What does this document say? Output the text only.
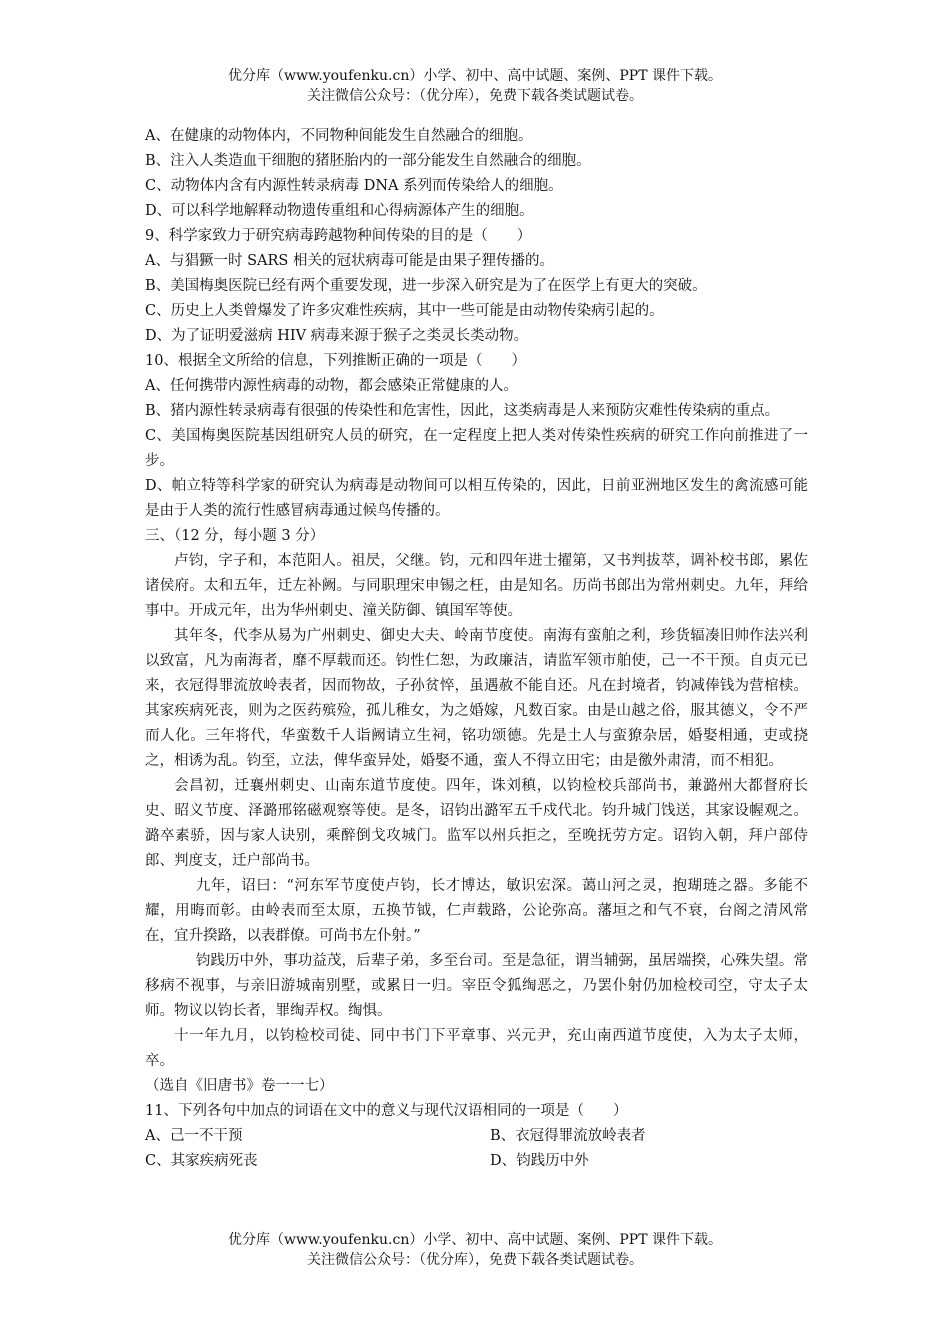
优分库（www.youfenku.cn）小学、初中、高中试题、案例、PPT 课件下载。
关注微信公众号：（优分库），免费下载各类试题试卷。
A、在健康的动物体内，不同物种间能发生自然融合的细胞。
B、注入人类造血干细胞的猪胚胎内的一部分能发生自然融合的细胞。
C、动物体内含有内源性转录病毒 DNA 系列而传染给人的细胞。
D、可以科学地解释动物遗传重组和心得病源体产生的细胞。
9、科学家致力于研究病毒跨越物种间传染的目的是（　　）
A、与猖獗一时 SARS 相关的冠状病毒可能是由果子狸传播的。
B、美国梅奥医院已经有两个重要发现，进一步深入研究是为了在医学上有更大的突破。
C、历史上人类曾爆发了许多灾难性疾病，其中一些可能是由动物传染病引起的。
D、为了证明爱滋病 HIV 病毒来源于猴子之类灵长类动物。
10、根据全文所给的信息，下列推断正确的一项是（　　）
A、任何携带内源性病毒的动物，都会感染正常健康的人。
B、猪内源性转录病毒有很强的传染性和危害性，因此，这类病毒是人来预防灾难性传染病的重点。
C、美国梅奥医院基因组研究人员的研究，在一定程度上把人类对传染性疾病的研究工作向前推进了一步。
D、帕立特等科学家的研究认为病毒是动物间可以相互传染的，因此，日前亚洲地区发生的禽流感可能是由于人类的流行性感冒病毒通过候鸟传播的。
三、（12 分，每小题 3 分）
卢钧，字子和，本范阳人。祖昃，父继。钧，元和四年进士擢第，又书判拔萃，调补校书郎，累佐诸侯府。太和五年，迁左补阙。与同职理宋申锡之枉，由是知名。历尚书郎出为常州刺史。九年，拜给事中。开成元年，出为华州刺史、潼关防御、镇国军等使。
其年冬，代李从易为广州刺史、御史大夫、岭南节度使。南海有蛮舶之利，珍货辐凑旧帅作法兴利以致富，凡为南海者，靡不厚载而还。钧性仁恕，为政廉洁，请监军领市舶使，己一不干预。自贞元已来，衣冠得罪流放岭表者，因而物故，子孙贫悴，虽遇赦不能自还。凡在封境者，钧减俸钱为营棺椟。其家疾病死丧，则为之医药殡殓，孤儿稚女，为之婚嫁，凡数百家。由是山越之俗，服其德义，令不严而人化。三年将代，华蛮数千人诣阙请立生祠，铭功颂德。先是土人与蛮獠杂居，婚娶相通，吏或挠之，相诱为乱。钧至，立法，俾华蛮异处，婚娶不通，蛮人不得立田宅；由是徼外肃清，而不相犯。
会昌初，迁襄州刺史、山南东道节度使。四年，诛刘稹，以钧检校兵部尚书，兼潞州大都督府长史、昭义节度、泽潞邢铭磁观察等使。是冬，诏钧出潞军五千戍代北。钧升城门饯送，其家设幄观之。潞卒素骄，因与家人诀别，乘醉倒戈攻城门。监军以州兵拒之，至晚抚劳方定。诏钧入朝，拜户部侍郎、判度支，迁户部尚书。
九年，诏曰：“河东军节度使卢钧，长才博达，敏识宏深。蔼山河之灵，抱瑚琏之器。多能不耀，用晦而彰。由岭表而至太原，五换节钺，仁声载路，公论弥高。藩垣之和气不衰，台阁之清风常在，宜升揆路，以表群僚。可尚书左仆射。”
钧践历中外，事功益茂，后辈子弟，多至台司。至是急征，谓当辅弼，虽居端揆，心殊失望。常移病不视事，与亲旧游城南别墅，或累日一归。宰臣令狐绹恶之，乃罢仆射仍加检校司空，守太子太师。物议以钧长者，罪绹弄权。绹惧。
十一年九月，以钧检校司徒、同中书门下平章事、兴元尹，充山南西道节度使，入为太子太师，卒。
（选自《旧唐书》卷一一七）
11、下列各句中加点的词语在文中的意义与现代汉语相同的一项是（　　）
A、己一不干预	B、衣冠得罪流放岭表者
C、其家疾病死丧	D、钧践历中外
优分库（www.youfenku.cn）小学、初中、高中试题、案例、PPT 课件下载。
关注微信公众号：（优分库），免费下载各类试题试卷。
